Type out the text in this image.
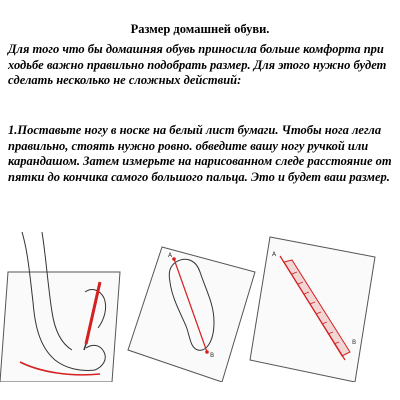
Размер домашней обуви.
Для того что бы домашняя обувь приносила больше комфорта при ходьбе важно правильно подобрать размер. Для этого нужно будет сделать несколько не сложных действий:
1.Поставьте ногу в носке на белый лист бумаги. Чтобы нога легла правильно, стоять нужно ровно. обведите вашу ногу ручкой или карандашом. Затем измерьте на нарисованном следе расстояние от пятки до кончика самого большого пальца. Это и будет ваш размер.
A
B
A
B
